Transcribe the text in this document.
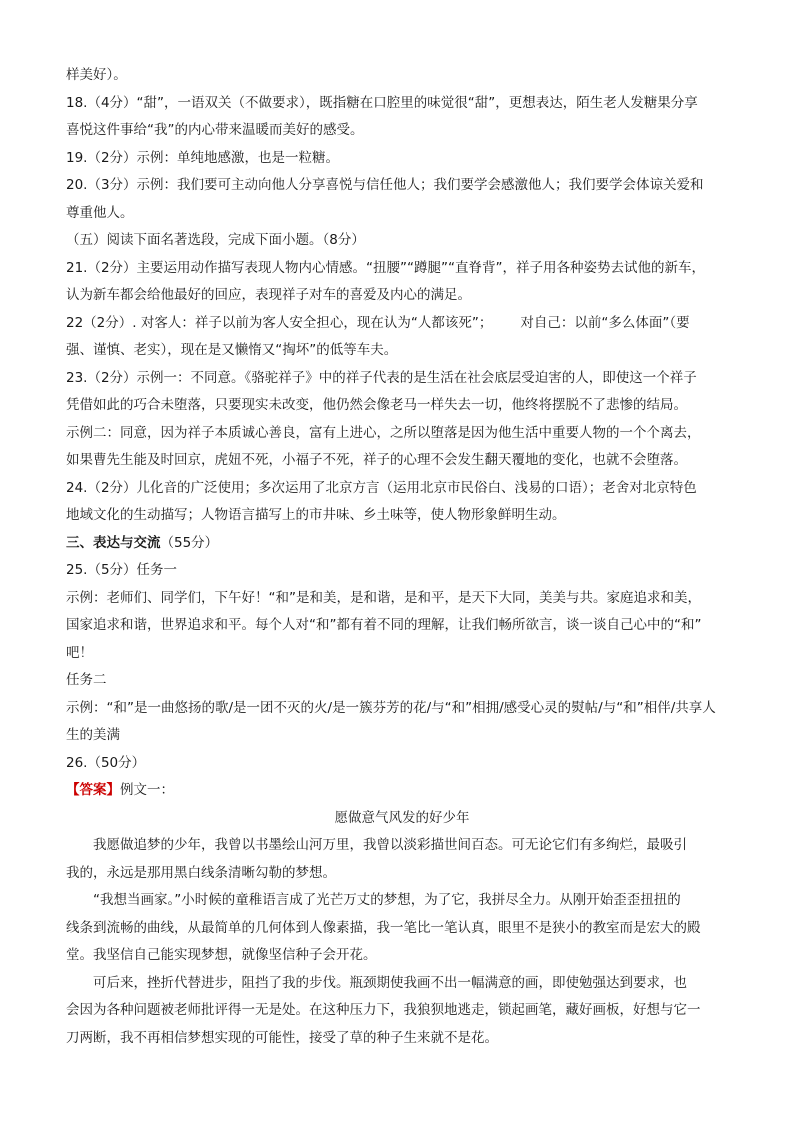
样美好）。

18.（4分）“甜”，一语双关（不做要求），既指糖在口腔里的味觉很“甜”，更想表达，陌生老人发糖果分享

喜悦这件事给“我”的内心带来温暖而美好的感受。

19.（2分）示例：单纯地感激，也是一粒糖。

20.（3分）示例：我们要可主动向他人分享喜悦与信任他人；我们要学会感激他人；我们要学会体谅关爱和

尊重他人。

（五）阅读下面名著选段，完成下面小题。（8分）

21.（2分）主要运用动作描写表现人物内心情感。“扭腰”“蹲腿”“直脊背”，祥子用各种姿势去试他的新车，

认为新车都会给他最好的回应，表现祥子对车的喜爱及内心的满足。

22（2分）. 对客人：祥子以前为客人安全担心，现在认为“人都该死”； 对自己：以前“多么体面”（要

强、谨慎、老实），现在是又懒惰又“掏坏”的低等车夫。

23.（2分）示例一：不同意。《骆驼祥子》中的祥子代表的是生活在社会底层受迫害的人，即使这一个祥子

凭借如此的巧合未堕落，只要现实未改变，他仍然会像老马一样失去一切，他终将摆脱不了悲惨的结局。

示例二：同意，因为祥子本质诚心善良，富有上进心，之所以堕落是因为他生活中重要人物的一个个离去，

如果曹先生能及时回京，虎妞不死，小福子不死，祥子的心理不会发生翻天覆地的变化，也就不会堕落。

24.（2分）儿化音的广泛使用；多次运用了北京方言（运用北京市民俗白、浅易的口语）；老舍对北京特色

地域文化的生动描写；人物语言描写上的市井味、乡土味等，使人物形象鲜明生动。

三、表达与交流（55分）

25.（5分）任务一

示例：老师们、同学们，下午好！“和”是和美，是和谐，是和平，是天下大同，美美与共。家庭追求和美，

国家追求和谐，世界追求和平。每个人对“和”都有着不同的理解，让我们畅所欲言，谈一谈自己心中的“和”

吧！

任务二

示例：“和”是一曲悠扬的歌/是一团不灭的火/是一簇芬芳的花/与“和”相拥/感受心灵的熨帖/与“和”相伴/共享人

生的美满

26.（50分）

【答案】例文一：

愿做意气风发的好少年

我愿做追梦的少年，我曾以书墨绘山河万里，我曾以淡彩描世间百态。可无论它们有多绚烂，最吸引

我的，永远是那用黑白线条清晰勾勒的梦想。

“我想当画家。”小时候的童稚语言成了光芒万丈的梦想，为了它，我拼尽全力。从刚开始歪歪扭扭的

线条到流畅的曲线，从最简单的几何体到人像素描，我一笔比一笔认真，眼里不是狭小的教室而是宏大的殿

堂。我坚信自己能实现梦想，就像坚信种子会开花。

可后来，挫折代替进步，阻挡了我的步伐。瓶颈期使我画不出一幅满意的画，即使勉强达到要求，也

会因为各种问题被老师批评得一无是处。在这种压力下，我狼狈地逃走，锁起画笔，藏好画板，好想与它一

刀两断，我不再相信梦想实现的可能性，接受了草的种子生来就不是花。
